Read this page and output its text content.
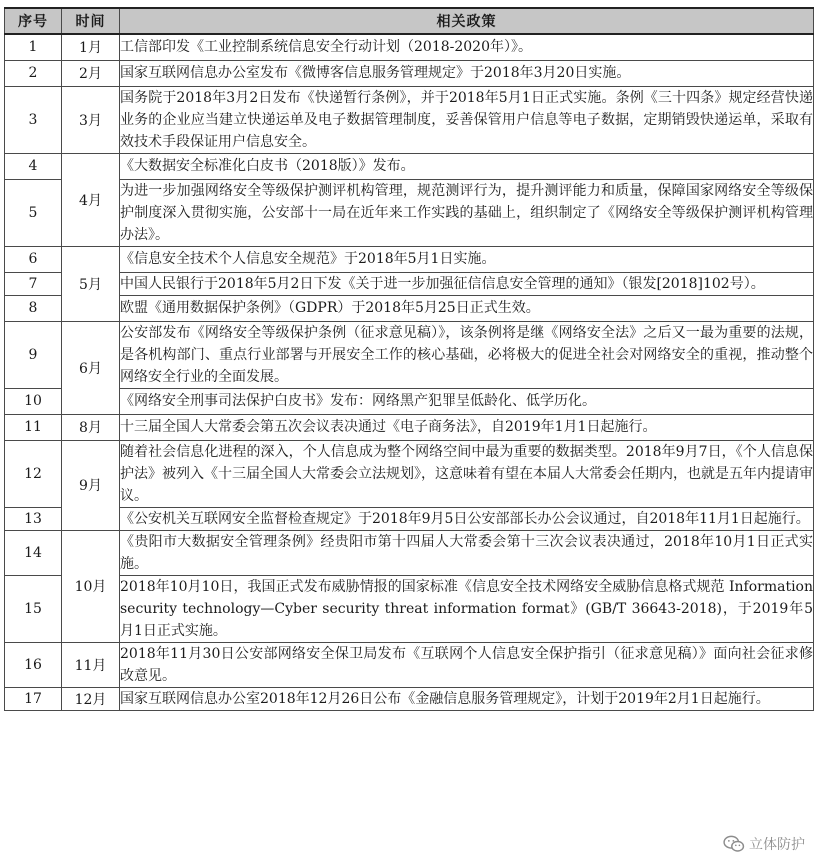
序号	时间	相关政策
1	1月	工信部印发《工业控制系统信息安全行动计划（2018-2020年）》。
2	2月	国家互联网信息办公室发布《微博客信息服务管理规定》于2018年3月20日实施。
3	3月	国务院于2018年3月2日发布《快递暂行条例》，并于2018年5月1日正式实施。条例《三十四条》规定经营快递业务的企业应当建立快递运单及电子数据管理制度，妥善保管用户信息等电子数据，定期销毁快递运单，采取有效技术手段保证用户信息安全。
4	4月	《大数据安全标准化白皮书（2018版）》发布。
5		为进一步加强网络安全等级保护测评机构管理，规范测评行为，提升测评能力和质量，保障国家网络安全等级保护制度深入贯彻实施，公安部十一局在近年来工作实践的基础上，组织制定了《网络安全等级保护测评机构管理办法》。
6	5月	《信息安全技术个人信息安全规范》于2018年5月1日实施。
7		中国人民银行于2018年5月2日下发《关于进一步加强征信信息安全管理的通知》（银发[2018]102号）。
8		欧盟《通用数据保护条例》（GDPR）于2018年5月25日正式生效。
9	6月	公安部发布《网络安全等级保护条例（征求意见稿）》，该条例将是继《网络安全法》之后又一最为重要的法规，是各机构部门、重点行业部署与开展安全工作的核心基础，必将极大的促进全社会对网络安全的重视，推动整个网络安全行业的全面发展。
10		《网络安全刑事司法保护白皮书》发布：网络黑产犯罪呈低龄化、低学历化。
11	8月	十三届全国人大常委会第五次会议表决通过《电子商务法》，自2019年1月1日起施行。
12	9月	随着社会信息化进程的深入，个人信息成为整个网络空间中最为重要的数据类型。2018年9月7日，《个人信息保护法》被列入《十三届全国人大常委会立法规划》，这意味着有望在本届人大常委会任期内，也就是五年内提请审议。
13		《公安机关互联网安全监督检查规定》于2018年9月5日公安部部长办公会议通过，自2018年11月1日起施行。
14	10月	《贵阳市大数据安全管理条例》经贵阳市第十四届人大常委会第十三次会议表决通过，2018年10月1日正式实施。
15		2018年10月10日，我国正式发布威胁情报的国家标准《信息安全技术网络安全威胁信息格式规范 Information security technology—Cyber security threat information format》(GB/T 36643-2018)，于2019年5月1日正式实施。
16	11月	2018年11月30日公安部网络安全保卫局发布《互联网个人信息安全保护指引（征求意见稿）》面向社会征求修改意见。
17	12月	国家互联网信息办公室2018年12月26日公布《金融信息服务管理规定》，计划于2019年2月1日起施行。
立体防护
